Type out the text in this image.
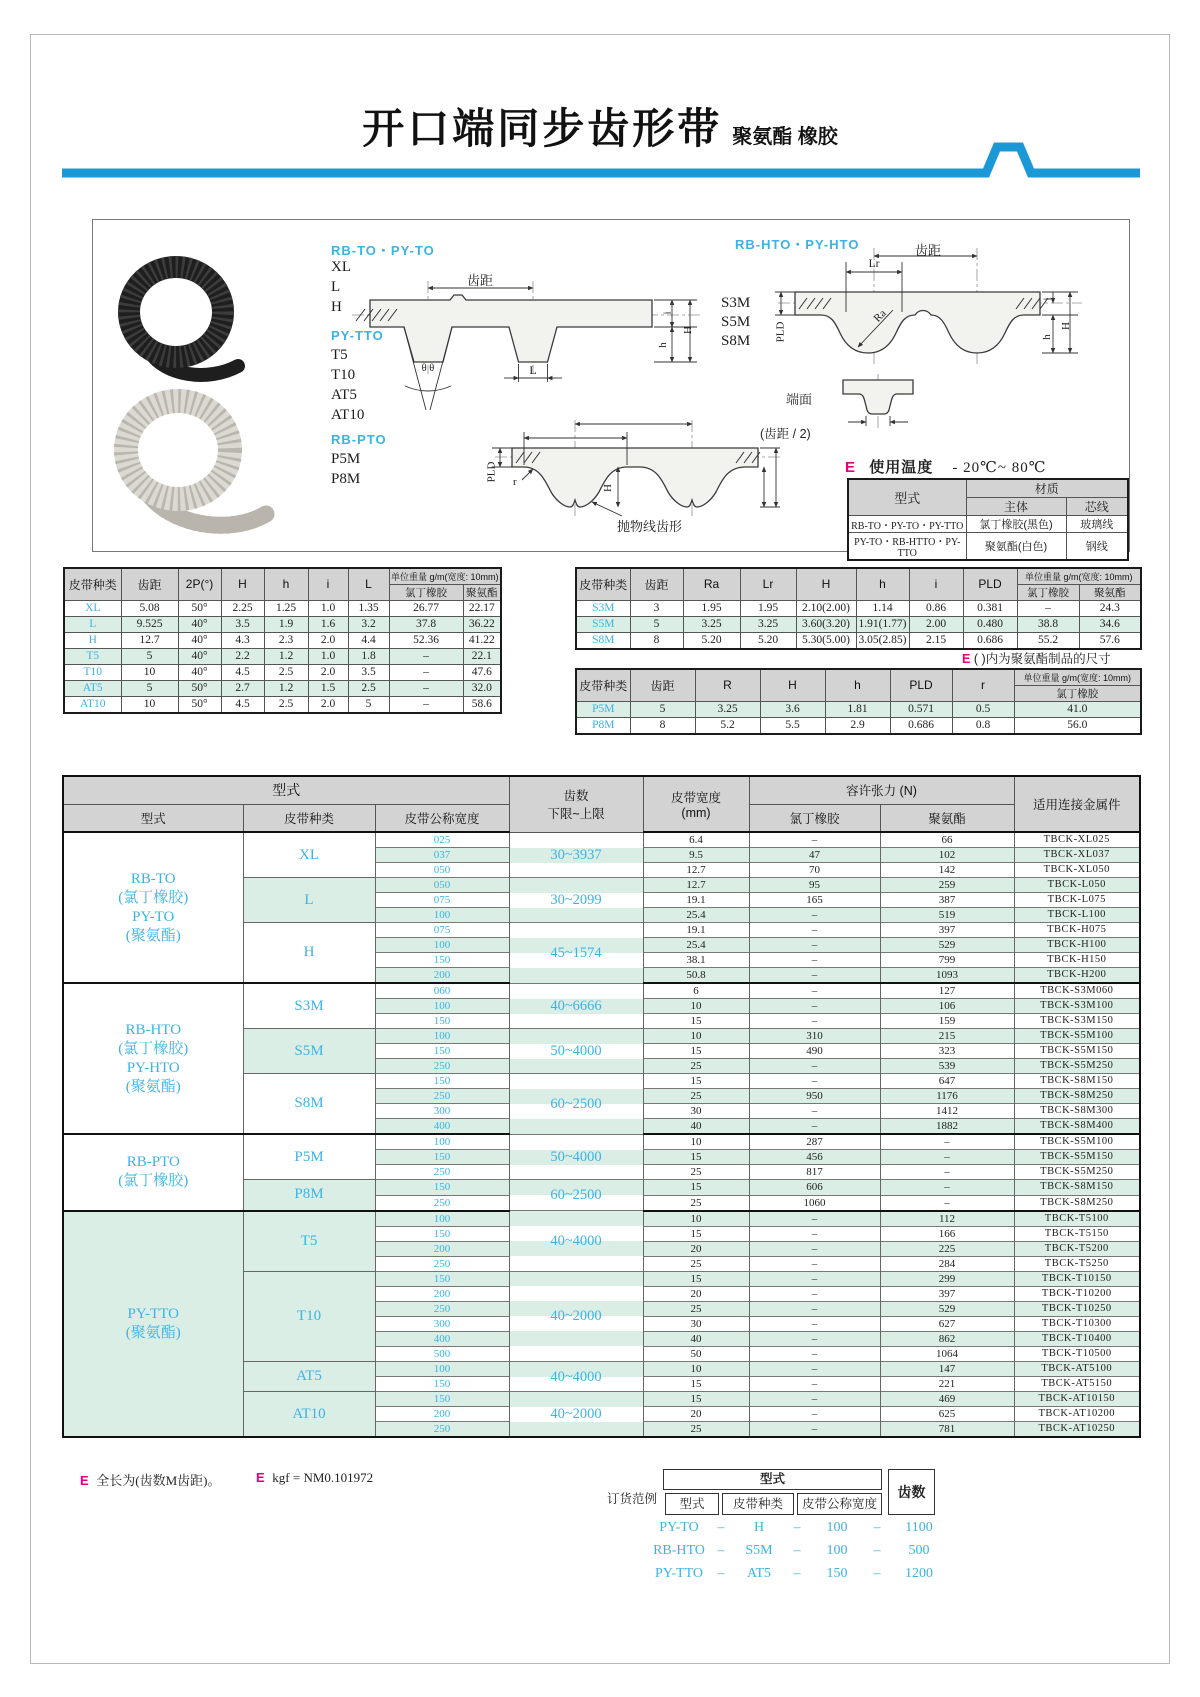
开口端同步齿形带 聚氨酯 橡胶
RB-TO・PY-TO
XL
L
H
PY-TTO
T5
T10
AT5
AT10
RB-PTO
P5M
P8M
RB-HTO・PY-HTO
S3M
S5M
S8M
齿距
L
θ θ
i
H
h
齿距
Lr
Ra
PLD
i
H
h
PLD r	H
抛物线齿形
端面
(齿距 / 2)
E 使用温度 - 20℃~ 80℃
型式	材质	
	主体	芯线
RB-TO・PY-TO・PY-TTO	氯丁橡胶(黑色)	玻璃线
PY-TO・RB-HTTO・PY-TTO	聚氨酯(白色)	钢线
皮带种类	齿距	2P(°)	H	h	i	L	单位重量 g/m(宽度: 10mm)	
							氯丁橡胶	聚氨酯
XL	5.08	50°	2.25	1.25	1.0	1.35	26.77	22.17
L	9.525	40°	3.5	1.9	1.6	3.2	37.8	36.22
H	12.7	40°	4.3	2.3	2.0	4.4	52.36	41.22
T5	5	40°	2.2	1.2	1.0	1.8	–	22.1
T10	10	40°	4.5	2.5	2.0	3.5	–	47.6
AT5	5	50°	2.7	1.2	1.5	2.5	–	32.0
AT10	10	50°	4.5	2.5	2.0	5	–	58.6
皮带种类	齿距	Ra	Lr	H	h	i	PLD	单位重量 g/m(宽度: 10mm)	
								氯丁橡胶	聚氨酯
S3M	3	1.95	1.95	2.10(2.00)	1.14	0.86	0.381	–	24.3
S5M	5	3.25	3.25	3.60(3.20)	1.91(1.77)	2.00	0.480	38.8	34.6
S8M	8	5.20	5.20	5.30(5.00)	3.05(2.85)	2.15	0.686	55.2	57.6
皮带种类	齿距	R	H	h	PLD	r	单位重量 g/m(宽度: 10mm)
							氯丁橡胶
P5M	5	3.25	3.6	1.81	0.571	0.5	41.0
P8M	8	5.2	5.5	2.9	0.686	0.8	56.0
E ( )内为聚氨酯制品的尺寸
型式	齿数
下限~上限

皮带宽度
(mm)
	容许张力 (N)	适用连接金属件
型式	皮带种类	皮带公称宽度			氯丁橡胶	聚氨酯	

RB-TO
(氯丁橡胶)
PY-TO
(聚氨酯)	XL	025		6.4	–	66	TBCK-XL025
		037	30~3937	9.5	47	102	TBCK-XL037
		050		12.7	70	142	TBCK-XL050
	L	050		12.7	95	259	TBCK-L050
		075	30~2099	19.1	165	387	TBCK-L075
		100		25.4	–	519	TBCK-L100
	H	075		19.1	–	397	TBCK-H075
		100	45~1574	25.4	–	529	TBCK-H100
		150		38.1	–	799	TBCK-H150
		200		50.8	–	1093	TBCK-H200

RB-HTO
(氯丁橡胶)
PY-HTO
(聚氨酯)	S3M	060		6	–	127	TBCK-S3M060
		100	40~6666	10	–	106	TBCK-S3M100
		150		15	–	159	TBCK-S3M150
	S5M	100		10	310	215	TBCK-S5M100
		150	50~4000	15	490	323	TBCK-S5M150
		250		25	–	539	TBCK-S5M250
	S8M	150		15	–	647	TBCK-S8M150
		250	60~2500	25	950	1176	TBCK-S8M250
		300		30	–	1412	TBCK-S8M300
		400		40	–	1882	TBCK-S8M400

RB-PTO
(氯丁橡胶)	P5M	100		10	287	–	TBCK-S5M100
		150	50~4000	15	456	–	TBCK-S5M150
		250		25	817	–	TBCK-S5M250
	P8M	150	60~2500	15	606	–	TBCK-S8M150
		250		25	1060	–	TBCK-S8M250

PY-TTO
(聚氨酯)	T5	100		10	–	112	TBCK-T5100
		150	40~4000	15	–	166	TBCK-T5150
		200		20	–	225	TBCK-T5200
		250		25	–	284	TBCK-T5250
	T10	150		15	–	299	TBCK-T10150
		200		20	–	397	TBCK-T10200
		250	40~2000	25	–	529	TBCK-T10250
		300		30	–	627	TBCK-T10300
		400		40	–	862	TBCK-T10400
		500		50	–	1064	TBCK-T10500
	AT5	100	40~4000	10	–	147	TBCK-AT5100
		150		15	–	221	TBCK-AT5150
	AT10	150		15	–	469	TBCK-AT10150
		200	40~2000	20	–	625	TBCK-AT10200
		250		25	–	781	TBCK-AT10250
E 全长为(齿数M齿距)。	E kgf = NM0.101972
订货范例
型式
型式	皮带种类	皮带公称宽度
齿数
PY-TO	–	H	–	100	–	1100
RB-HTO –	S5M	–	100	–	500
PY-TTO	–	AT5	–	150	–	1200
